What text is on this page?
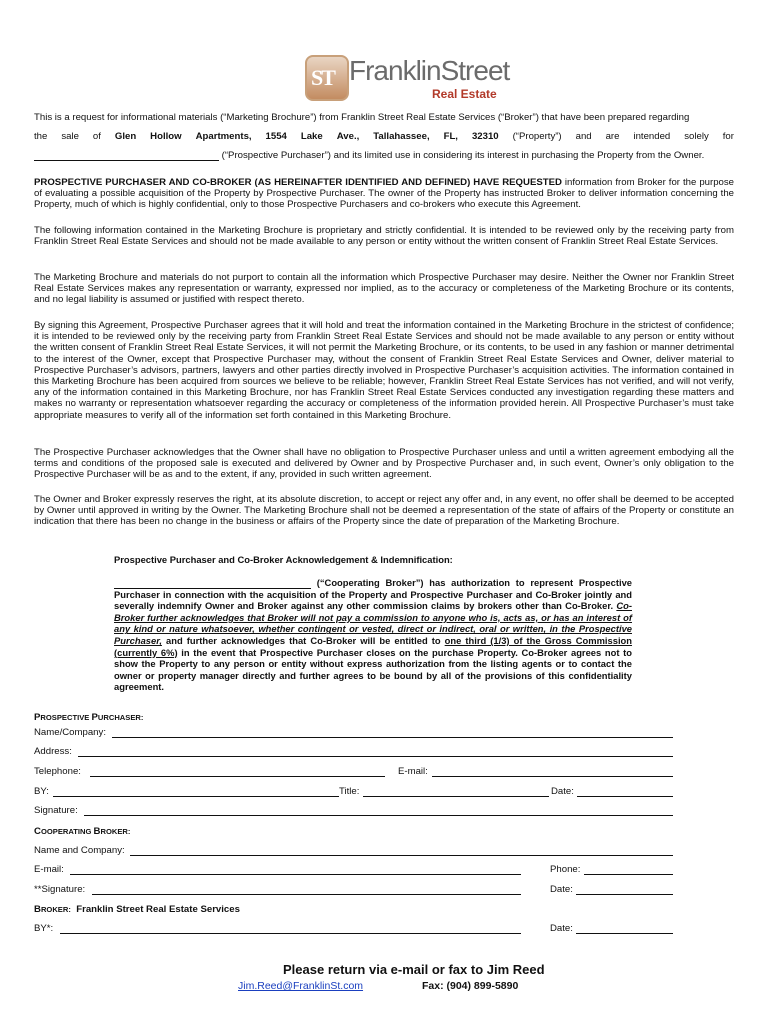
ST FranklinStreet
Real Estate
This is a request for informational materials (“Marketing Brochure”) from Franklin Street Real Estate Services (“Broker”) that have been prepared regarding
the sale of Glen Hollow Apartments, 1554 Lake Ave., Tallahassee, FL, 32310 (“Property”) and are intended solely for
(“Prospective Purchaser”) and its limited use in considering its interest in purchasing the Property from the Owner.
PROSPECTIVE PURCHASER AND CO-BROKER (AS HEREINAFTER IDENTIFIED AND DEFINED) HAVE REQUESTED information from Broker for the purpose of evaluating a possible acquisition of the Property by Prospective Purchaser. The owner of the Property has instructed Broker to deliver information concerning the Property, much of which is highly confidential, only to those Prospective Purchasers and co-brokers who execute this Agreement.
The following information contained in the Marketing Brochure is proprietary and strictly confidential. It is intended to be reviewed only by the receiving party from Franklin Street Real Estate Services and should not be made available to any person or entity without the written consent of Franklin Street Real Estate Services.
The Marketing Brochure and materials do not purport to contain all the information which Prospective Purchaser may desire. Neither the Owner nor Franklin Street Real Estate Services makes any representation or warranty, expressed nor implied, as to the accuracy or completeness of the Marketing Brochure or its contents, and no legal liability is assumed or justified with respect thereto.
By signing this Agreement, Prospective Purchaser agrees that it will hold and treat the information contained in the Marketing Brochure in the strictest of confidence; it is intended to be reviewed only by the receiving party from Franklin Street Real Estate Services and should not be made available to any person or entity without the written consent of Franklin Street Real Estate Services, it will not permit the Marketing Brochure, or its contents, to be used in any fashion or manner detrimental to the interest of the Owner, except that Prospective Purchaser may, without the consent of Franklin Street Real Estate Services and Owner, deliver material to Prospective Purchaser’s advisors, partners, lawyers and other parties directly involved in Prospective Purchaser’s acquisition activities. The information contained in this Marketing Brochure has been acquired from sources we believe to be reliable; however, Franklin Street Real Estate Services has not verified, and will not verify, any of the information contained in this Marketing Brochure, nor has Franklin Street Real Estate Services conducted any investigation regarding these matters and makes no warranty or representation whatsoever regarding the accuracy or completeness of the information provided herein. All Prospective Purchaser’s must take appropriate measures to verify all of the information set forth contained in this Marketing Brochure.
The Prospective Purchaser acknowledges that the Owner shall have no obligation to Prospective Purchaser unless and until a written agreement embodying all the terms and conditions of the proposed sale is executed and delivered by Owner and by Prospective Purchaser and, in such event, Owner’s only obligation to the Prospective Purchaser will be as and to the extent, if any, provided in such written agreement.
The Owner and Broker expressly reserves the right, at its absolute discretion, to accept or reject any offer and, in any event, no offer shall be deemed to be accepted by Owner until approved in writing by the Owner. The Marketing Brochure shall not be deemed a representation of the state of affairs of the Property or constitute an indication that there has been no change in the business or affairs of the Property since the date of preparation of the Marketing Brochure.
Prospective Purchaser and Co-Broker Acknowledgement & Indemnification:
(“Cooperating Broker”) has authorization to represent Prospective Purchaser in connection with the acquisition of the Property and Prospective Purchaser and Co-Broker jointly and severally indemnify Owner and Broker against any other commission claims by brokers other than Co-Broker. Co-Broker further acknowledges that Broker will not pay a commission to anyone who is, acts as, or has an interest of any kind or nature whatsoever, whether contingent or vested, direct or indirect, oral or written, in the Prospective Purchaser, and further acknowledges that Co-Broker will be entitled to one third (1/3) of the Gross Commission (currently 6%) in the event that Prospective Purchaser closes on the purchase Property. Co-Broker agrees not to show the Property to any person or entity without express authorization from the listing agents or to contact the owner or property manager directly and further agrees to be bound by all of the provisions of this confidentiality agreement.
PROSPECTIVE PURCHASER:
Name/Company:
Address:
Telephone:	E-mail:
BY:	Title:	Date:
Signature:
COOPERATING BROKER:
Name and Company:
E-mail:	Phone:
**Signature:	Date:
BROKER:  Franklin Street Real Estate Services
BY*:	Date:
Please return via e-mail or fax to Jim Reed
Jim.Reed@FranklinSt.com	Fax: (904) 899-5890
